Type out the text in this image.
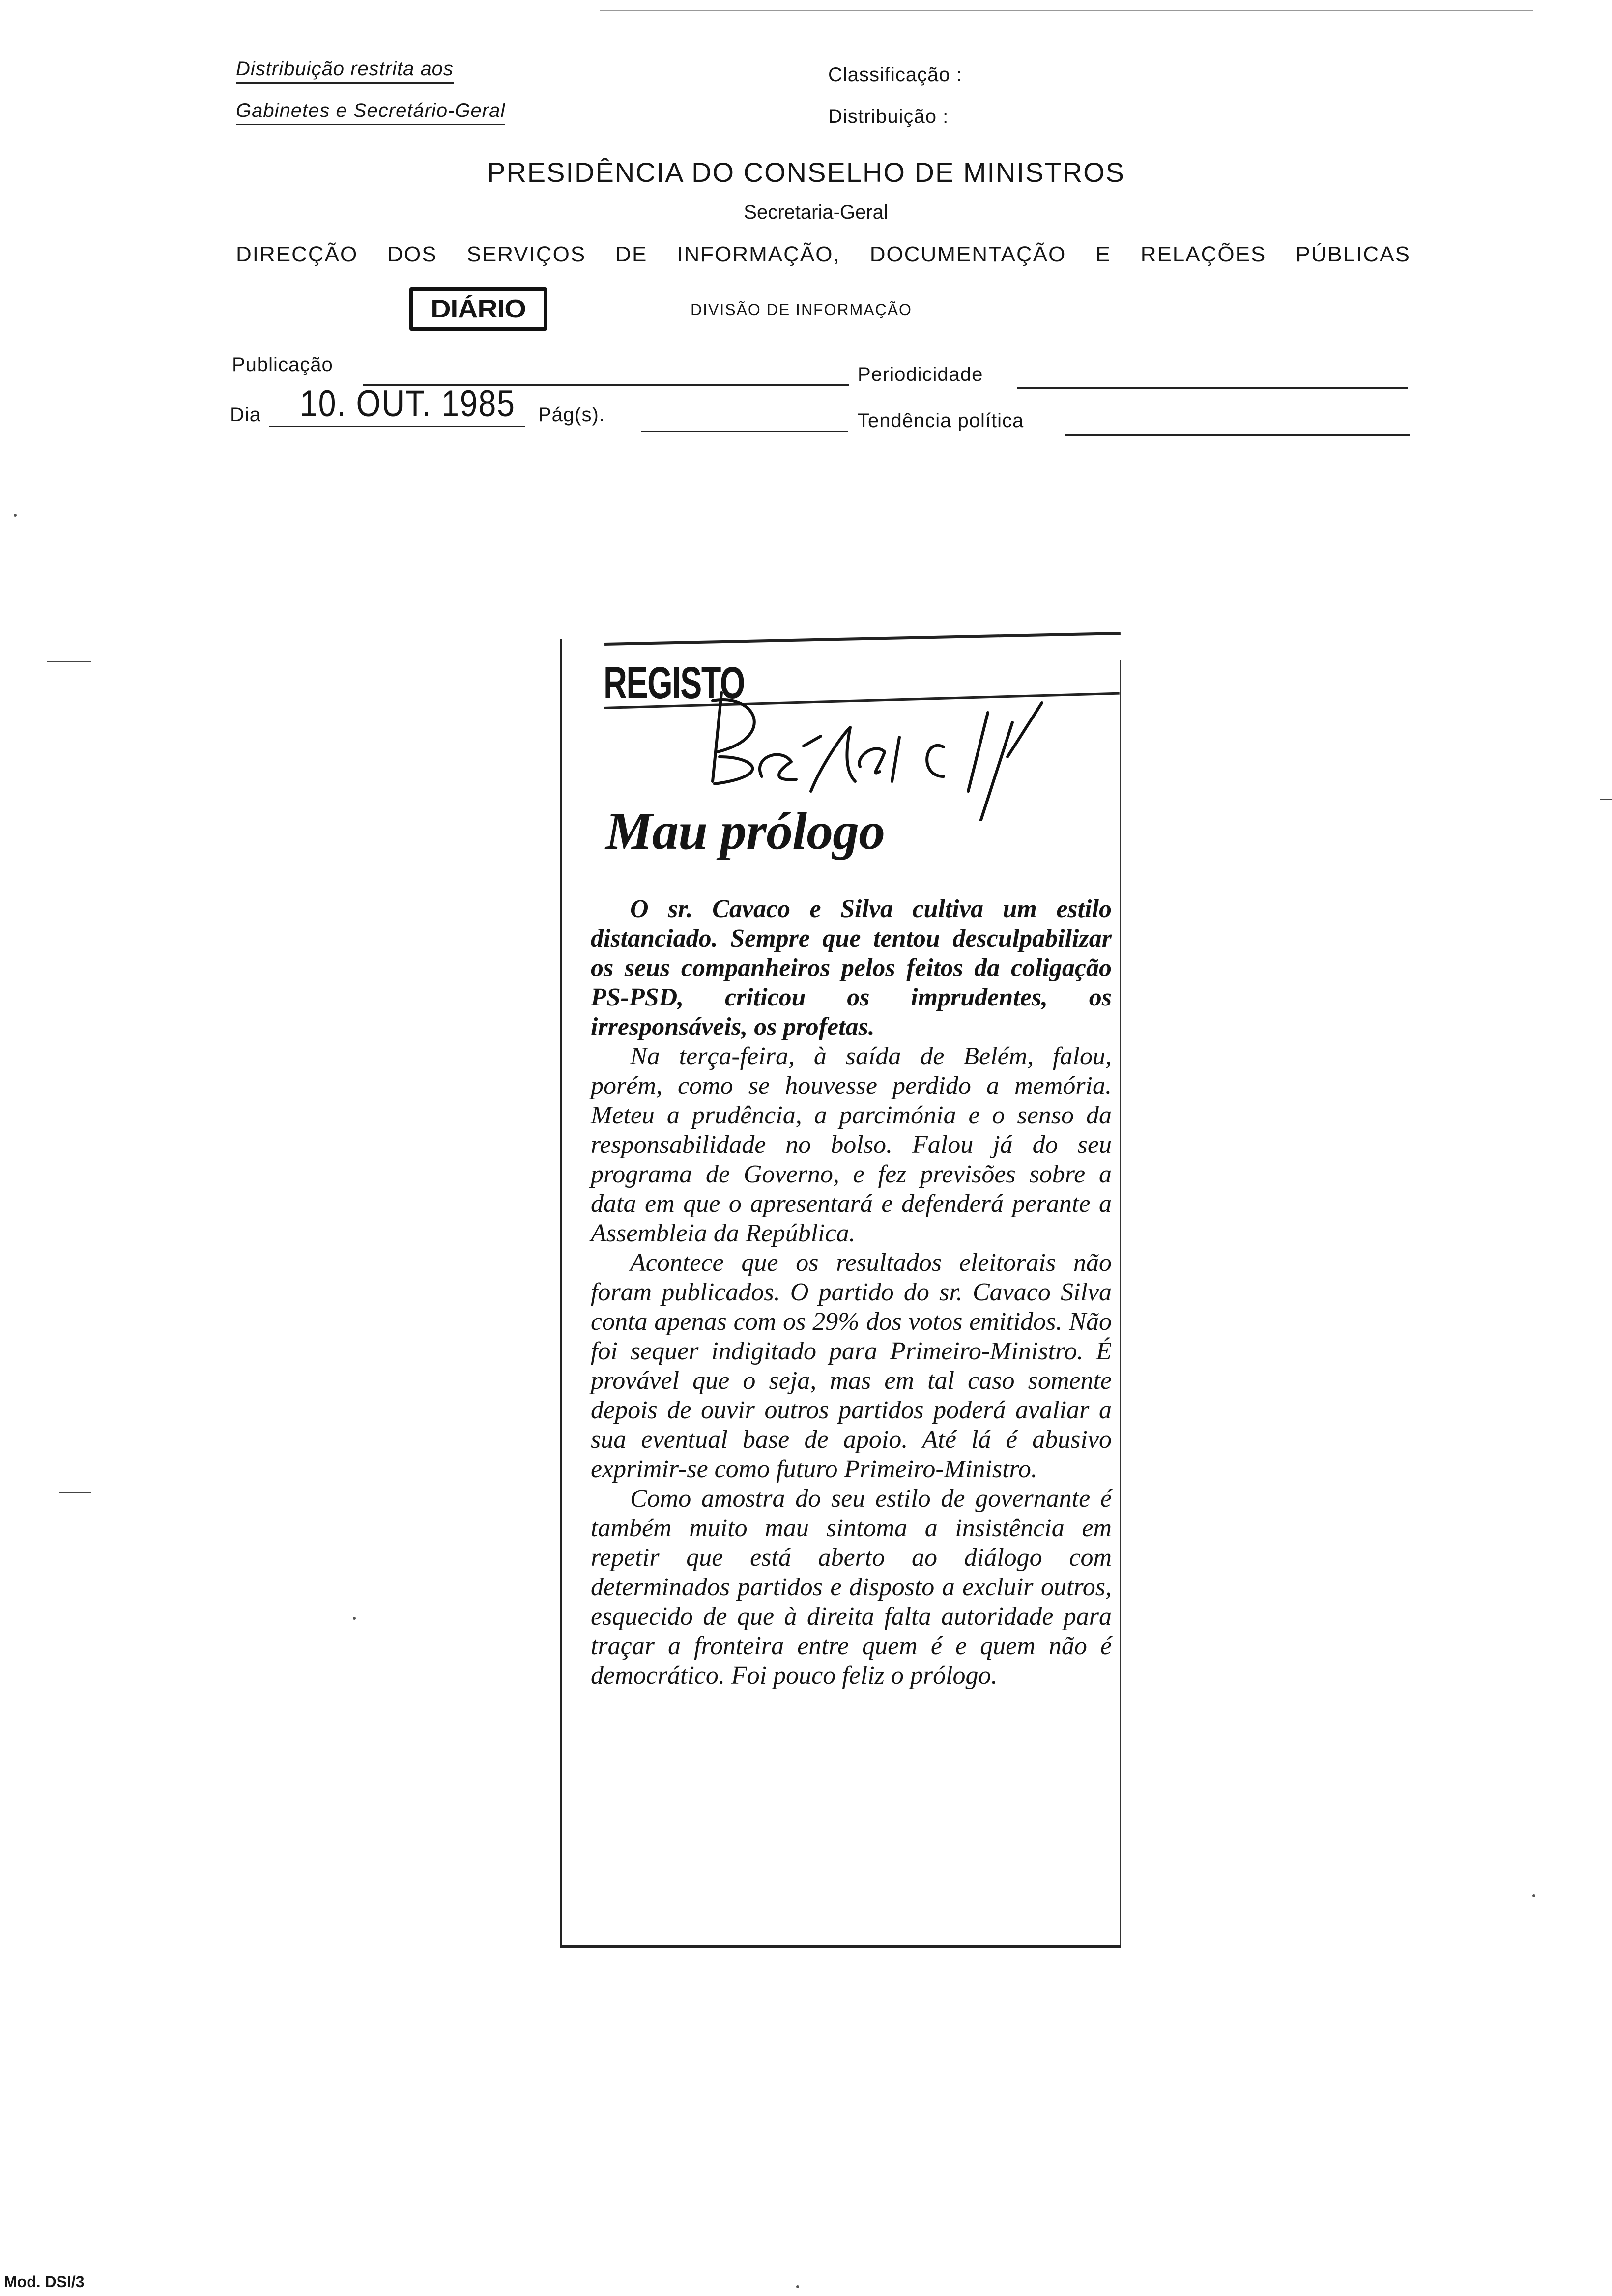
Distribuição restrita aos
Gabinetes e Secretário-Geral
Classificação :
Distribuição :
PRESIDÊNCIA DO CONSELHO DE MINISTROS
Secretaria-Geral
DIRECÇÃO DOS SERVIÇOS DE INFORMAÇÃO, DOCUMENTAÇÃO E RELAÇÕES PÚBLICAS
DIÁRIO	DIVISÃO DE INFORMAÇÃO
Publicação	Periodicidade
Dia 10. OUT. 1985 Pág(s).	Tendência política
REGISTO
Mau prólogo

O sr. Cavaco e Silva cultiva um estilo distanciado. Sempre que tentou desculpabilizar os seus companheiros pelos feitos da coligação PS-PSD, criticou os imprudentes, os irresponsáveis, os profetas.

Na terça-feira, à saída de Belém, falou, porém, como se houvesse perdido a memória. Meteu a prudência, a parcimónia e o senso da responsabilidade no bolso. Falou já do seu programa de Governo, e fez previsões sobre a data em que o apresentará e defenderá perante a Assembleia da República.

Acontece que os resultados eleitorais não foram publicados. O partido do sr. Cavaco Silva conta apenas com os 29% dos votos emitidos. Não foi sequer indigitado para Primeiro-Ministro. É provável que o seja, mas em tal caso somente depois de ouvir outros partidos poderá avaliar a sua eventual base de apoio. Até lá é abusivo exprimir-se como futuro Primeiro-Ministro.

Como amostra do seu estilo de governante é também muito mau sintoma a insistência em repetir que está aberto ao diálogo com determinados partidos e disposto a excluir outros, esquecido de que à direita falta autoridade para traçar a fronteira entre quem é e quem não é democrático. Foi pouco feliz o prólogo.

Mod. DSI/3
